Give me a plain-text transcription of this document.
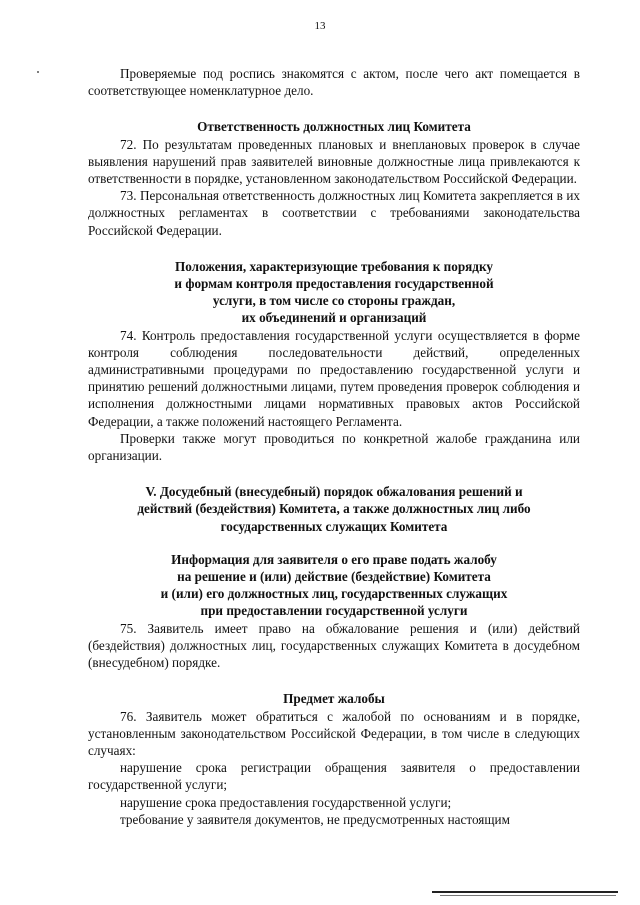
13

Проверяемые под роспись знакомятся с актом, после чего акт помещается в соответствующее номенклатурное дело.

Ответственность должностных лиц Комитета

72. По результатам проведенных плановых и внеплановых проверок в случае выявления нарушений прав заявителей виновные должностные лица привлекаются к ответственности в порядке, установленном законодательством Российской Федерации.

73. Персональная ответственность должностных лиц Комитета закрепляется в их должностных регламентах в соответствии с требованиями законодательства Российской Федерации.

Положения, характеризующие требования к порядку
и формам контроля предоставления государственной
услуги, в том числе со стороны граждан,
их объединений и организаций

74. Контроль предоставления государственной услуги осуществляется в форме контроля соблюдения последовательности действий, определенных административными процедурами по предоставлению государственной услуги и принятию решений должностными лицами, путем проведения проверок соблюдения и исполнения должностными лицами нормативных правовых актов Российской Федерации, а также положений настоящего Регламента.

Проверки также могут проводиться по конкретной жалобе гражданина или организации.

V. Досудебный (внесудебный) порядок обжалования решений и
действий (бездействия) Комитета, а также должностных лиц либо
государственных служащих Комитета
Информация для заявителя о его праве подать жалобу
на решение и (или) действие (бездействие) Комитета
и (или) его должностных лиц, государственных служащих
при предоставлении государственной услуги

75. Заявитель имеет право на обжалование решения и (или) действий (бездействия) должностных лиц, государственных служащих Комитета в досудебном (внесудебном) порядке.

Предмет жалобы

76. Заявитель может обратиться с жалобой по основаниям и в порядке, установленным законодательством Российской Федерации, в том числе в следующих случаях:

нарушение срока регистрации обращения заявителя о предоставлении государственной услуги;

нарушение срока предоставления государственной услуги;

требование у заявителя документов, не предусмотренных настоящим
